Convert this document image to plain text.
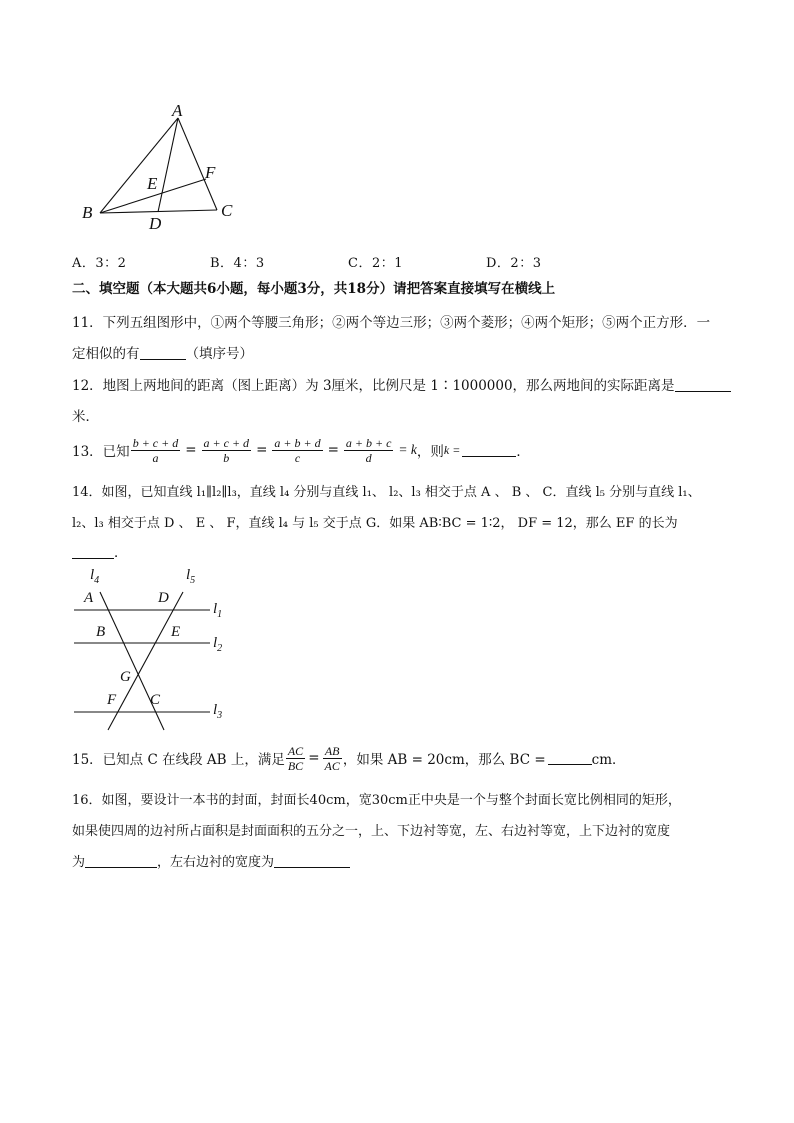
A
B	C
D
E
F
A．3：2	B．4：3	C．2：1	D．2：3
二、填空题（本大题共6小题，每小题3分，共18分）请把答案直接填写在横线上
11．下列五组图形中，①两个等腰三角形；②两个等边三形；③两个菱形；④两个矩形；⑤两个正方形．一
定相似的有	（填序号）
12．地图上两地间的距离（图上距离）为 3厘米，比例尺是 1∶1000000，那么两地间的实际距离是
米．
13．已知 $\frac{b + c + d}{a} = \frac{a + c + d}{b} = \frac{a + b + d}{c} = \frac{a + b + c}{d} = k$ ，则 k =	．
14．如图，已知直线 l₁∥l₂∥l₃，直线 l₄ 分别与直线 l₁、 l₂、l₃ 相交于点 A 、 B 、 C．直线 l₅ 分别与直线 l₁、
l₂、l₃ 相交于点 D 、 E 、 F，直线 l₄ 与 l₅ 交于点 G．如果 AB∶BC = 1∶2， DF = 12，那么 EF 的长为
．
$l_4$	$l_5$
$l_1$
$l_2$
$l_3$
A	D
B	E
G
F C
15．已知点 C 在线段 AB 上，满足 $\frac{AC}{BC} = \frac{AB}{AC}$ ，如果 AB = 20cm，那么 BC =	cm．
16．如图，要设计一本书的封面，封面长40cm，宽30cm正中央是一个与整个封面长宽比例相同的矩形，
如果使四周的边衬所占面积是封面面积的五分之一，上、下边衬等宽，左、右边衬等宽，上下边衬的宽度
为	，左右边衬的宽度为
